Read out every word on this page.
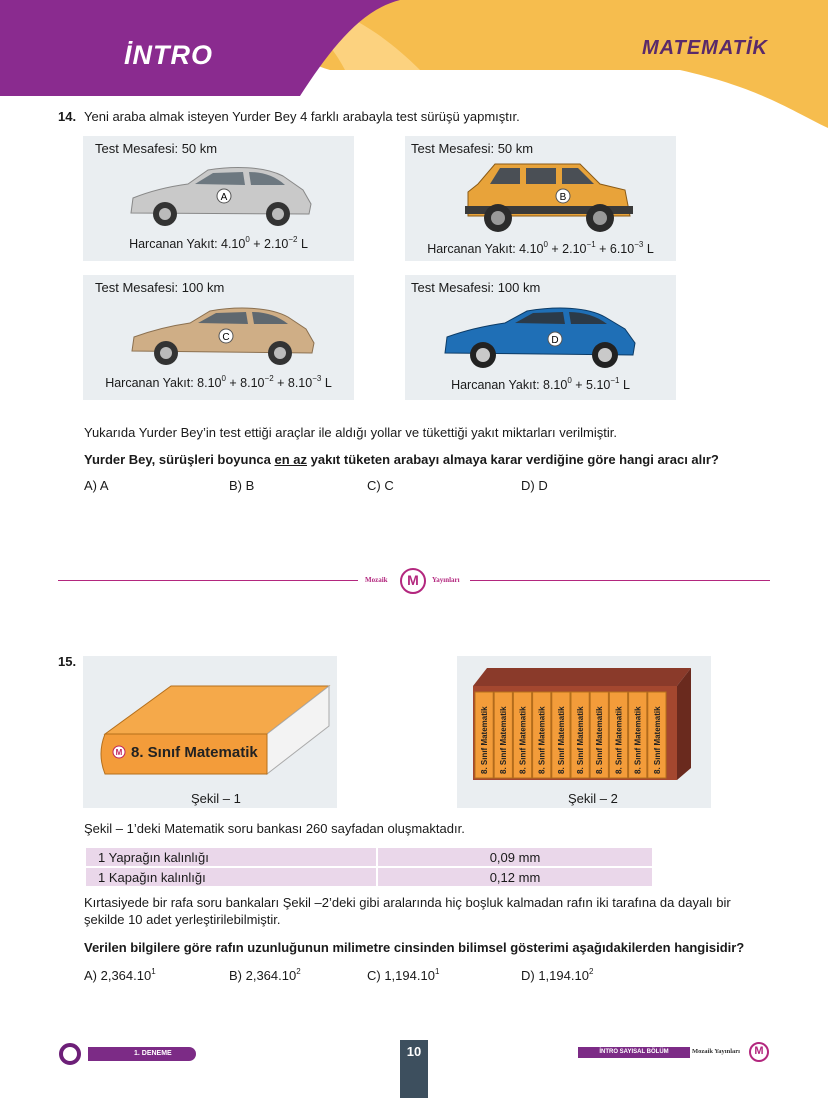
İNTRO	MATEMATİK
14. Yeni araba almak isteyen Yurder Bey 4 farklı arabayla test sürüşü yapmıştır.
Test Mesafesi: 50 km
A
Harcanan Yakıt: $4.10^0 + 2.10^{-2}$ L
Test Mesafesi: 50 km
B
Harcanan Yakıt: $4.10^0 + 2.10^{-1} + 6.10^{-3}$ L
Test Mesafesi: 100 km
C
Harcanan Yakıt: $8.10^0 + 8.10^{-2} + 8.10^{-3}$ L
Test Mesafesi: 100 km
D
Harcanan Yakıt: $8.10^0 + 5.10^{-1}$ L
Yukarıda Yurder Bey’in test ettiği araçlar ile aldığı yollar ve tükettiği yakıt miktarları verilmiştir.
Yurder Bey, sürüşleri boyunca en az yakıt tüketen arabayı almaya karar verdiğine göre hangi aracı alır?
A) A	B) B	C) C	D) D
Mozaik	M	Yayınları
15.
M 8. Sınıf Matematik
Şekil – 1
8. Sınıf Matematik 8. Sınıf Matematik 8. Sınıf Matematik 8. Sınıf Matematik 8. Sınıf Matematik 8. Sınıf Matematik 8. Sınıf Matematik 8. Sınıf Matematik 8. Sınıf Matematik 8. Sınıf Matematik
Şekil – 2
Şekil – 1’deki Matematik soru bankası 260 sayfadan oluşmaktadır.
1 Yaprağın kalınlığı	0,09 mm
1 Kapağın kalınlığı	0,12 mm
Kırtasiyede bir rafa soru bankaları Şekil –2’deki gibi aralarında hiç boşluk kalmadan rafın iki tarafına da dayalı bir
şekilde 10 adet yerleştirilebilmiştir.
Verilen bilgilere göre rafın uzunluğunun milimetre cinsinden bilimsel gösterimi aşağıdakilerden hangisidir?
A) 2,364.10$^1$	B) 2,364.10$^2$	C) 1,194.10$^1$	D) 1,194.10$^2$
1. DENEME	10	İNTRO SAYISAL BÖLÜM	Mozaik Yayınları	M
